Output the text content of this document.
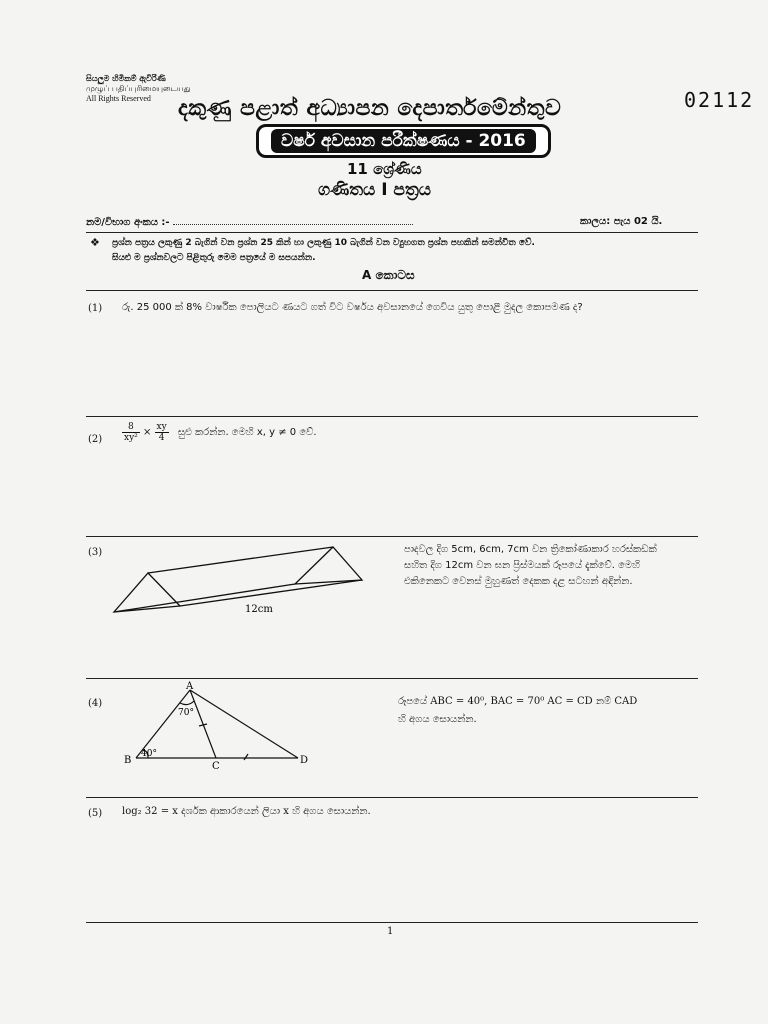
සියලුම හිමිකම් ඇවිරිණි
முழுப் பதிப்புரிமையுடையது
All Rights Reserved	02112
දකුණු පළාත් අධ්‍යාපන දෙපාර්තමේන්තුව
වර්ෂ අවසාන පරීක්ෂණය - 2016
11 ශ්‍රේණිය
ගණිතය I පත්‍රය
නම/විභාග අංකය :-	කාලය: පැය 02 යි.
❖ ප්‍රශ්න පත්‍රය ලකුණු 2 බැගින් වන ප්‍රශ්න 25 කින් හා ලකුණු 10 බැගින් වන ව්‍යුහගත ප්‍රශ්න පහකින් සමන්විත වේ.
සියළු ම ප්‍රශ්නවලට පිළිතුරු මෙම පත්‍රයේ ම සපයන්න.
A කොටස
(1) රු. 25 000 ක් 8% වාර්ෂික පොලියට ණයට ගත් විට වර්ෂය අවසානයේ ගෙවිය යුතු පොළී මුදල කොපමණ ද?
$(2) \frac{8}{\text{xy²}} \times \frac{xy}{4}$ සුළු කරන්න. මෙහි x, y ≠ 0 වේ.
(3)
12cm
පාදවල දිග 5cm, 6cm, 7cm වන ත්‍රිකෝණාකාර හරස්කඩක්
සහිත දිග 12cm වන ඝන ප්‍රිස්මයක් රූපයේ දැක්වේ. මෙහි
එකිනෙකට වෙනස් මුහුණත් දෙකක දළ සටහන් අඳින්න.
(4)
A
B
C
D
70°
40°
රූපයේ ABC = 40⁰, BAC = 70⁰ AC = CD නම් CAD
හි අගය සොයන්න.
(5) log₂ 32 = x දර්ශක ආකාරයෙන් ලියා x හි අගය සොයන්න.
1
